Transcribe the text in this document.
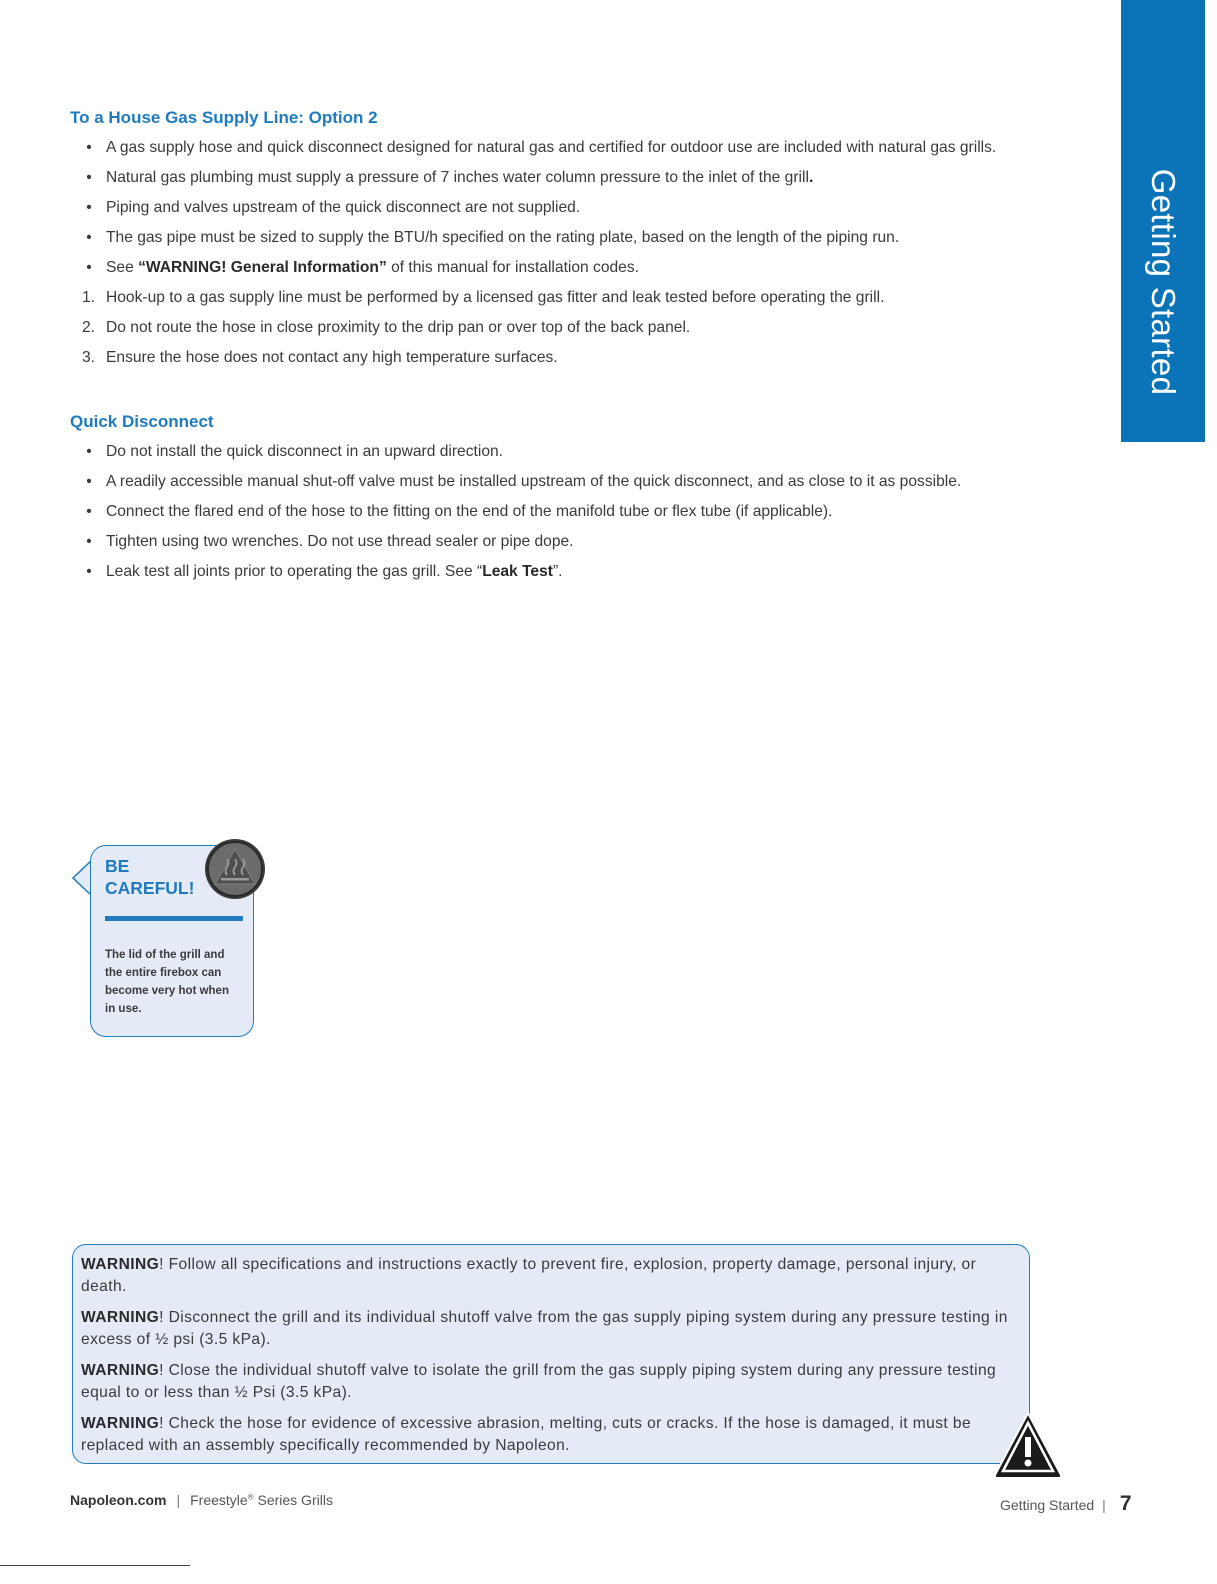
Getting Started
To a House Gas Supply Line: Option 2
• A gas supply hose and quick disconnect designed for natural gas and certified for outdoor use are included with natural gas grills.
• Natural gas plumbing must supply a pressure of 7 inches water column pressure to the inlet of the grill.
• Piping and valves upstream of the quick disconnect are not supplied.
• The gas pipe must be sized to supply the BTU/h specified on the rating plate, based on the length of the piping run.
• See “WARNING! General Information” of this manual for installation codes.
1. Hook-up to a gas supply line must be performed by a licensed gas fitter and leak tested before operating the grill.
2. Do not route the hose in close proximity to the drip pan or over top of the back panel.
3. Ensure the hose does not contact any high temperature surfaces.
Quick Disconnect
• Do not install the quick disconnect in an upward direction.
• A readily accessible manual shut-off valve must be installed upstream of the quick disconnect, and as close to it as possible.
• Connect the flared end of the hose to the fitting on the end of the manifold tube or flex tube (if applicable).
• Tighten using two wrenches. Do not use thread sealer or pipe dope.
• Leak test all joints prior to operating the gas grill. See “Leak Test”.
BE CAREFUL!
The lid of the grill and the entire firebox can become very hot when in use.

WARNING! Follow all specifications and instructions exactly to prevent fire, explosion, property damage, personal injury, or death.

WARNING! Disconnect the grill and its individual shutoff valve from the gas supply piping system during any pressure testing in excess of ½ psi (3.5 kPa).

WARNING! Close the individual shutoff valve to isolate the grill from the gas supply piping system during any pressure testing equal to or less than ½ Psi (3.5 kPa).

WARNING! Check the hose for evidence of excessive abrasion, melting, cuts or cracks. If the hose is damaged, it must be replaced with an assembly specifically recommended by Napoleon.

Napoleon.com | Freestyle® Series Grills	Getting Started | 7
